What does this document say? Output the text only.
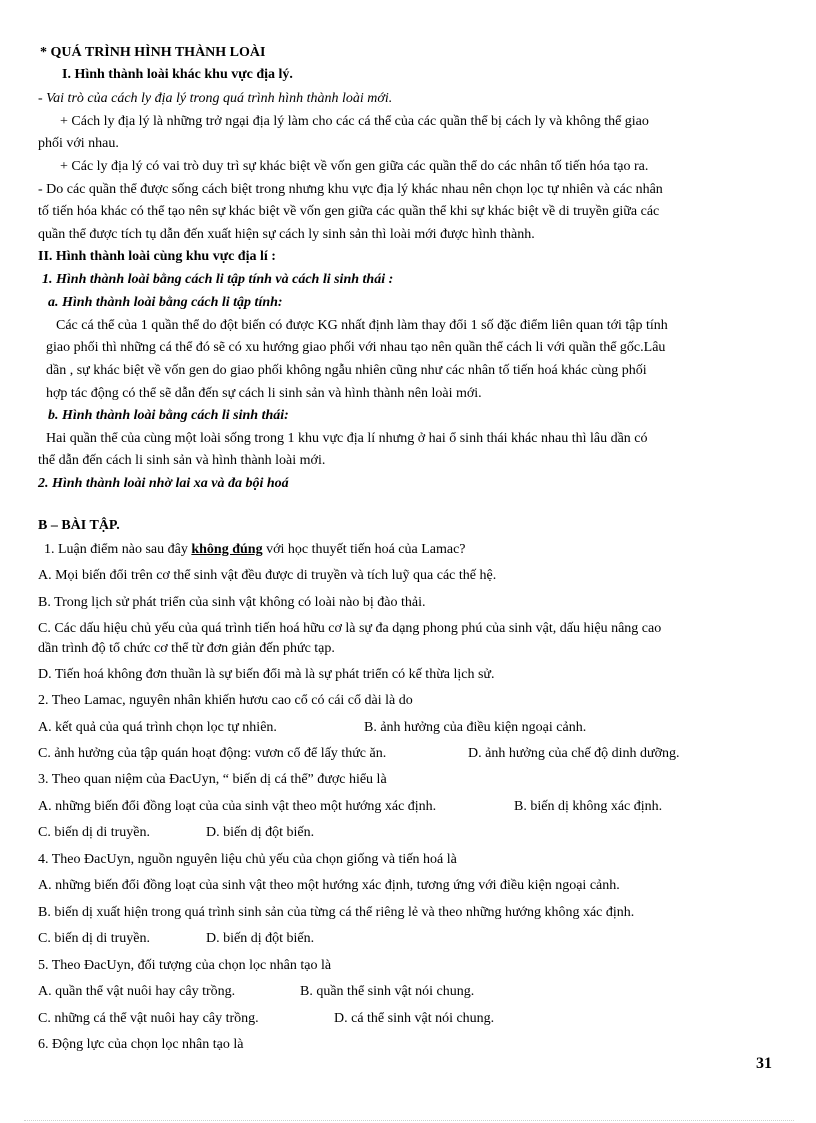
* QUÁ TRÌNH HÌNH THÀNH LOÀI
I. Hình thành loài khác khu vực địa lý.
- Vai trò của cách ly địa lý trong quá trình hình thành loài mới.
+ Cách ly địa lý là những trở ngại địa lý làm cho các cá thể của các quần thể bị cách ly và không thể giao
phối với nhau.
+ Các ly địa lý có vai trò duy trì sự khác biệt về vốn gen giữa các quần thể do các nhân tố tiến hóa tạo ra.
- Do các quần thể được sống cách biệt trong nhưng khu vực địa lý khác nhau nên chọn lọc tự nhiên và các nhân
tố tiến hóa khác có thể tạo nên sự khác biệt về vốn gen giữa các quần thể khi sự khác biệt về di truyền giữa các
quần thể được tích tụ dẫn đến xuất hiện sự cách ly sinh sản thì loài mới được hình thành.
II. Hình thành loài cùng khu vực địa lí :
1. Hình thành loài bằng cách li tập tính và cách li sinh thái :
a. Hình thành loài bằng cách li tập tính:
Các cá thể của 1 quần thể do đột biến có được KG nhất định làm thay đổi 1 số đặc điểm liên quan tới tập tính
giao phối thì những cá thể đó sẽ có xu hướng giao phối với nhau tạo nên quần thể cách li với quần thể gốc.Lâu
dần , sự khác biệt về vốn gen do giao phối không ngẫu nhiên cũng như các nhân tố tiến hoá khác cùng phối
hợp tác động có thể sẽ dẫn đến sự cách li sinh sản và hình thành nên loài mới.
b. Hình thành loài bằng cách li sinh thái:
Hai quần thể của cùng một loài sống trong 1 khu vực địa lí nhưng ở hai ổ sinh thái khác nhau thì lâu dần có
thể dẫn đến cách li sinh sản và hình thành loài mới.
2. Hình thành loài nhờ lai xa và đa bội hoá
B – BÀI TẬP.
1. Luận điểm nào sau đây không đúng với học thuyết tiến hoá của Lamac?
A. Mọi biến đổi trên cơ thể sinh vật đều được di truyền và tích luỹ qua các thế hệ.
B. Trong lịch sử phát triển của sinh vật không có loài nào bị đào thải.
C. Các dấu hiệu chủ yếu của quá trình tiến hoá hữu cơ là sự đa dạng phong phú của sinh vật, dấu hiệu nâng cao
dần trình độ tổ chức cơ thể từ đơn giản đến phức tạp.
D. Tiến hoá không đơn thuần là sự biến đổi mà là sự phát triển có kế thừa lịch sử.
2. Theo Lamac, nguyên nhân khiến hươu cao cổ có cái cổ dài là do
A. kết quả của quá trình chọn lọc tự nhiên.	B. ảnh hưởng của điều kiện ngoại cảnh.
C. ảnh hưởng của tập quán hoạt động: vươn cổ để lấy thức ăn.	D. ảnh hưởng của chế độ dinh dưỡng.
3. Theo quan niệm của ĐacUyn, “ biến dị cá thể” được hiểu là
A. những biến đổi đồng loạt của của sinh vật theo một hướng xác định.	B. biến dị không xác định.
C. biến dị di truyền.	D. biến dị đột biến.
4. Theo ĐacUyn, nguồn nguyên liệu chủ yếu của chọn giống và tiến hoá là
A. những biến đổi đồng loạt của sinh vật theo một hướng xác định, tương ứng với điều kiện ngoại cảnh.
B. biến dị xuất hiện trong quá trình sinh sản của từng cá thể riêng lẻ và theo những hướng không xác định.
C. biến dị di truyền.	D. biến dị đột biến.
5. Theo ĐacUyn, đối tượng của chọn lọc nhân tạo là
A. quần thể vật nuôi hay cây trồng.	B. quần thể sinh vật nói chung.
C. những cá thể vật nuôi hay cây trồng.	D. cá thể sinh vật nói chung.
6. Động lực của chọn lọc nhân tạo là
31
